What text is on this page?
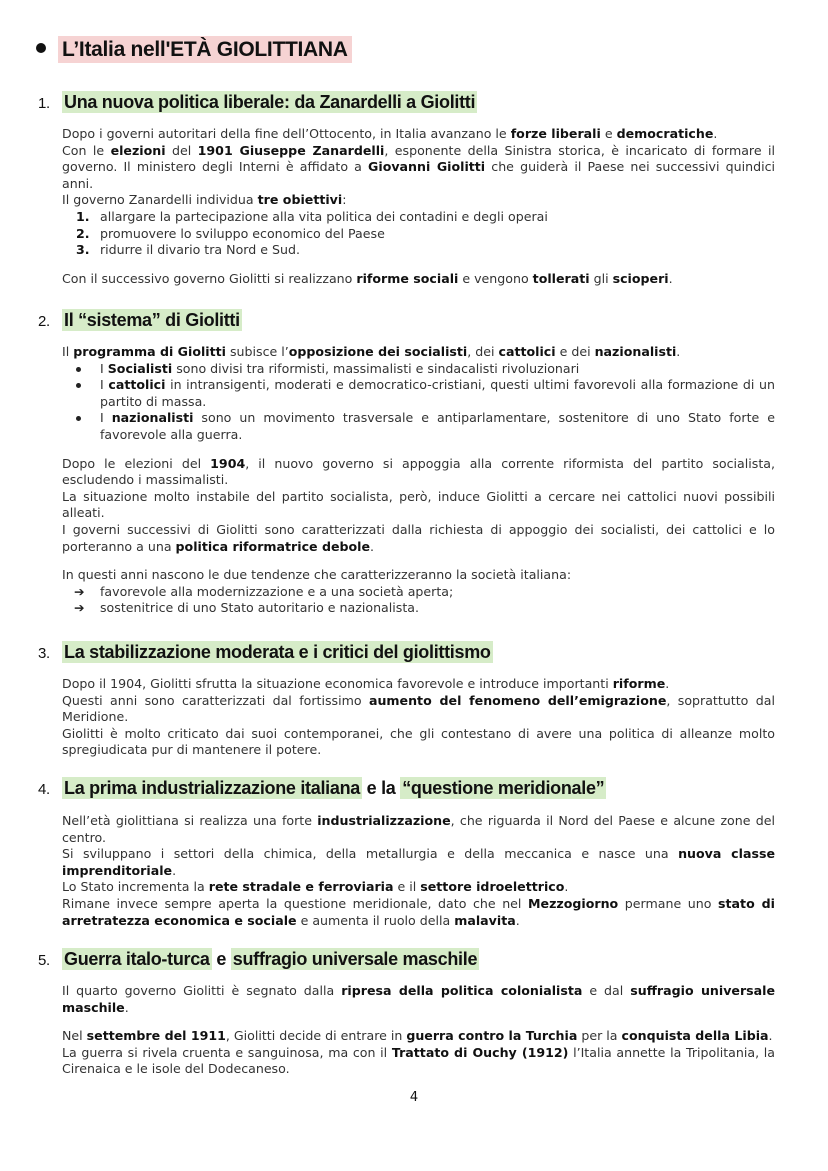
L’Italia nell'ETÀ GIOLITTIANA
1. Una nuova politica liberale: da Zanardelli a Giolitti

Dopo i governi autoritari della fine dell’Ottocento, in Italia avanzano le forze liberali e democratiche.

Con le elezioni del 1901 Giuseppe Zanardelli, esponente della Sinistra storica, è incaricato di formare il governo. Il ministero degli Interni è affidato a Giovanni Giolitti che guiderà il Paese nei successivi quindici anni.

Il governo Zanardelli individua tre obiettivi:

1. allargare la partecipazione alla vita politica dei contadini e degli operai
2. promuovere lo sviluppo economico del Paese
3. ridurre il divario tra Nord e Sud.

Con il successivo governo Giolitti si realizzano riforme sociali e vengono tollerati gli scioperi.

2. Il “sistema” di Giolitti

Il programma di Giolitti subisce l’opposizione dei socialisti, dei cattolici e dei nazionalisti.

I Socialisti sono divisi tra riformisti, massimalisti e sindacalisti rivoluzionari
I cattolici in intransigenti, moderati e democratico-cristiani, questi ultimi favorevoli alla formazione di un partito di massa.
I nazionalisti sono un movimento trasversale e antiparlamentare, sostenitore di uno Stato forte e favorevole alla guerra.

Dopo le elezioni del 1904, il nuovo governo si appoggia alla corrente riformista del partito socialista, escludendo i massimalisti.

La situazione molto instabile del partito socialista, però, induce Giolitti a cercare nei cattolici nuovi possibili alleati.

I governi successivi di Giolitti sono caratterizzati dalla richiesta di appoggio dei socialisti, dei cattolici e lo porteranno a una politica riformatrice debole.

In questi anni nascono le due tendenze che caratterizzeranno la società italiana:

➔ favorevole alla modernizzazione e a una società aperta;
➔ sostenitrice di uno Stato autoritario e nazionalista.
3. La stabilizzazione moderata e i critici del giolittismo

Dopo il 1904, Giolitti sfrutta la situazione economica favorevole e introduce importanti riforme.

Questi anni sono caratterizzati dal fortissimo aumento del fenomeno dell’emigrazione, soprattutto dal Meridione.

Giolitti è molto criticato dai suoi contemporanei, che gli contestano di avere una politica di alleanze molto spregiudicata pur di mantenere il potere.

4. La prima industrializzazione italiana e la “questione meridionale”

Nell’età giolittiana si realizza una forte industrializzazione, che riguarda il Nord del Paese e alcune zone del centro.

Si sviluppano i settori della chimica, della metallurgia e della meccanica e nasce una nuova classe imprenditoriale.

Lo Stato incrementa la rete stradale e ferroviaria e il settore idroelettrico.

Rimane invece sempre aperta la questione meridionale, dato che nel Mezzogiorno permane uno stato di arretratezza economica e sociale e aumenta il ruolo della malavita.

5. Guerra italo-turca e suffragio universale maschile

Il quarto governo Giolitti è segnato dalla ripresa della politica colonialista e dal suffragio universale maschile.

Nel settembre del 1911, Giolitti decide di entrare in guerra contro la Turchia per la conquista della Libia.

La guerra si rivela cruenta e sanguinosa, ma con il Trattato di Ouchy (1912) l’Italia annette la Tripolitania, la Cirenaica e le isole del Dodecaneso.

4
